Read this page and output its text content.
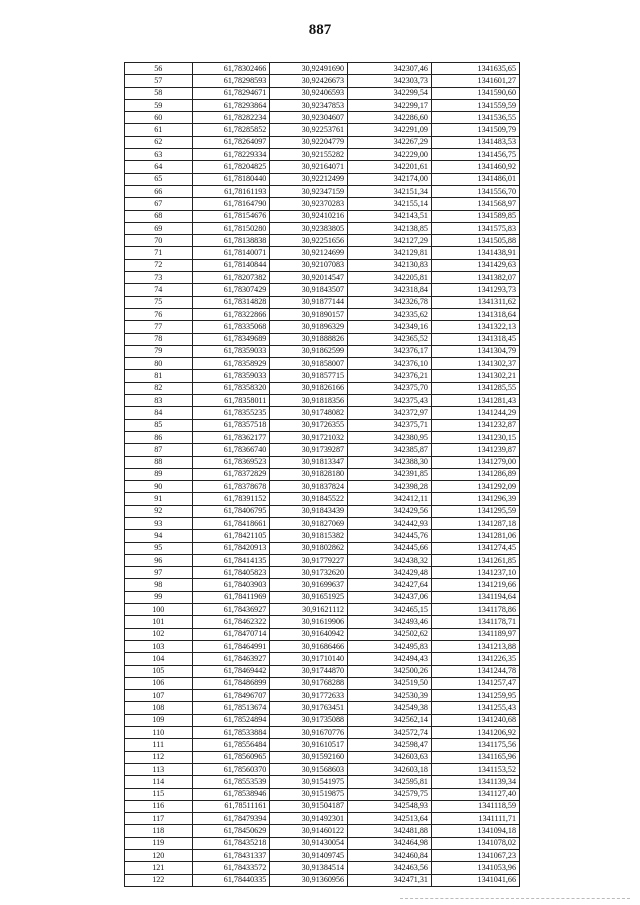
887
56	61,78302466	30,92491690	342307,46	1341635,65
57	61,78298593	30,92426673	342303,73	1341601,27
58	61,78294671	30,92406593	342299,54	1341590,60
59	61,78293864	30,92347853	342299,17	1341559,59
60	61,78282234	30,92304607	342286,60	1341536,55
61	61,78285852	30,92253761	342291,09	1341509,79
62	61,78264097	30,92204779	342267,29	1341483,53
63	61,78229334	30,92155282	342229,00	1341456,75
64	61,78204825	30,92164071	342201,61	1341460,92
65	61,78180440	30,92212499	342174,00	1341486,01
66	61,78161193	30,92347159	342151,34	1341556,70
67	61,78164790	30,92370283	342155,14	1341568,97
68	61,78154676	30,92410216	342143,51	1341589,85
69	61,78150280	30,92383805	342138,85	1341575,83
70	61,78138838	30,92251656	342127,29	1341505,88
71	61,78140071	30,92124699	342129,81	1341438,91
72	61,78140844	30,92107083	342130,83	1341429,63
73	61,78207382	30,92014547	342205,81	1341382,07
74	61,78307429	30,91843507	342318,84	1341293,73
75	61,78314828	30,91877144	342326,78	1341311,62
76	61,78322866	30,91890157	342335,62	1341318,64
77	61,78335068	30,91896329	342349,16	1341322,13
78	61,78349689	30,91888826	342365,52	1341318,45
79	61,78359033	30,91862599	342376,17	1341304,79
80	61,78358929	30,91858007	342376,10	1341302,37
81	61,78359033	30,91857715	342376,21	1341302,21
82	61,78358320	30,91826166	342375,70	1341285,55
83	61,78358011	30,91818356	342375,43	1341281,43
84	61,78355235	30,91748082	342372,97	1341244,29
85	61,78357518	30,91726355	342375,71	1341232,87
86	61,78362177	30,91721032	342380,95	1341230,15
87	61,78366740	30,91739287	342385,87	1341239,87
88	61,78369523	30,91813347	342388,30	1341279,00
89	61,78372829	30,91828180	342391,85	1341286,89
90	61,78378678	30,91837824	342398,28	1341292,09
91	61,78391152	30,91845522	342412,11	1341296,39
92	61,78406795	30,91843439	342429,56	1341295,59
93	61,78418661	30,91827069	342442,93	1341287,18
94	61,78421105	30,91815382	342445,76	1341281,06
95	61,78420913	30,91802862	342445,66	1341274,45
96	61,78414135	30,91779227	342438,32	1341261,85
97	61,78405823	30,91732620	342429,48	1341237,10
98	61,78403903	30,91699637	342427,64	1341219,66
99	61,78411969	30,91651925	342437,06	1341194,64
100	61,78436927	30,91621112	342465,15	1341178,86
101	61,78462322	30,91619906	342493,46	1341178,71
102	61,78470714	30,91640942	342502,62	1341189,97
103	61,78464991	30,91686466	342495,83	1341213,88
104	61,78463927	30,91710140	342494,43	1341226,35
105	61,78469442	30,91744870	342500,26	1341244,78
106	61,78486899	30,91768288	342519,50	1341257,47
107	61,78496707	30,91772633	342530,39	1341259,95
108	61,78513674	30,91763451	342549,38	1341255,43
109	61,78524894	30,91735088	342562,14	1341240,68
110	61,78533884	30,91670776	342572,74	1341206,92
111	61,78556484	30,91610517	342598,47	1341175,56
112	61,78560965	30,91592160	342603,63	1341165,96
113	61,78560370	30,91568603	342603,18	1341153,52
114	61,78553539	30,91541975	342595,81	1341139,34
115	61,78538946	30,91519875	342579,75	1341127,40
116	61,78511161	30,91504187	342548,93	1341118,59
117	61,78479394	30,91492301	342513,64	1341111,71
118	61,78450629	30,91460122	342481,88	1341094,18
119	61,78435218	30,91430054	342464,98	1341078,02
120	61,78431337	30,91409745	342460,84	1341067,23
121	61,78433572	30,91384514	342463,56	1341053,96
122	61,78440335	30,91360956	342471,31	1341041,66
